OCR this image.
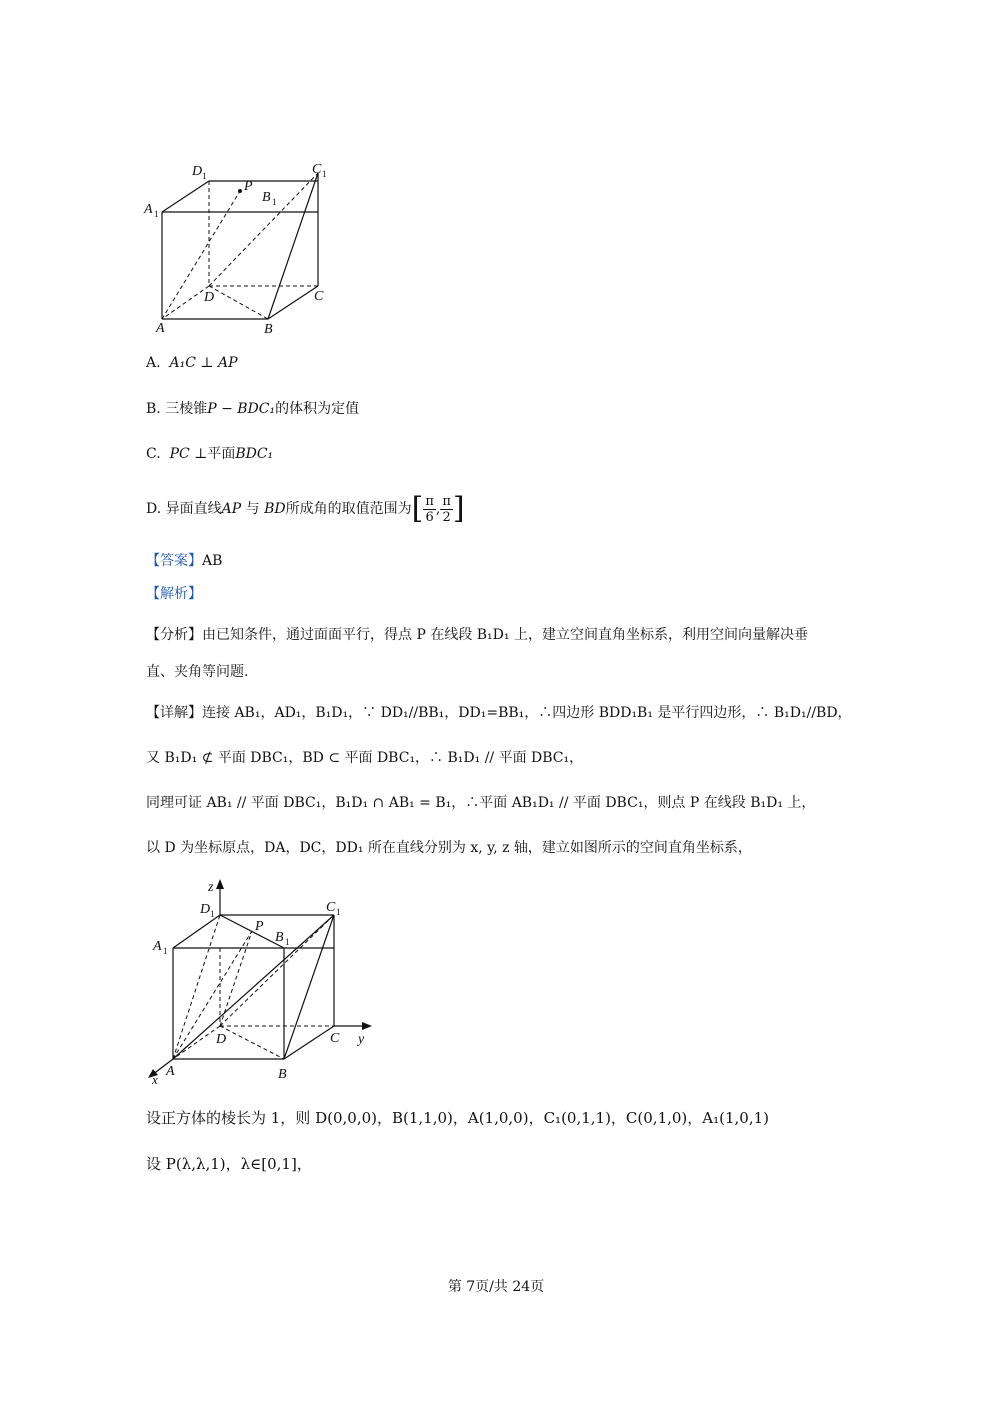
D 1	C 1
A 1
P
B 1
D	C
A	B
A. A₁C ⊥ AP
B. 三棱锥P − BDC₁的体积为定值
C. PC ⊥平面BDC₁
D. 异面直线AP 与 BD所成角的取值范围为[ $\frac{\pi}{6}$ , $\frac{\pi}{2}$ ]
【答案】AB
【解析】
【分析】由已知条件，通过面面平行，得点 P 在线段 B₁D₁ 上，建立空间直角坐标系，利用空间向量解决垂
直、夹角等问题.
【详解】连接 AB₁，AD₁，B₁D₁，∵ DD₁//BB₁，DD₁=BB₁，∴四边形 BDD₁B₁ 是平行四边形，∴ B₁D₁//BD，
又 B₁D₁ ⊄ 平面 DBC₁，BD ⊂ 平面 DBC₁，∴ B₁D₁ // 平面 DBC₁，
同理可证 AB₁ // 平面 DBC₁，B₁D₁ ∩ AB₁ = B₁，∴平面 AB₁D₁ // 平面 DBC₁，则点 P 在线段 B₁D₁ 上，
以 D 为坐标原点，DA，DC，DD₁ 所在直线分别为 x, y, z 轴，建立如图所示的空间直角坐标系，
z
D 1	C 1
A 1
P
B 1
D	C y
A
x	B
设正方体的棱长为 1，则 D(0,0,0)，B(1,1,0)，A(1,0,0)，C₁(0,1,1)，C(0,1,0)，A₁(1,0,1)
设 P(λ,λ,1)，λ∈[0,1]，
第 7页/共 24页
